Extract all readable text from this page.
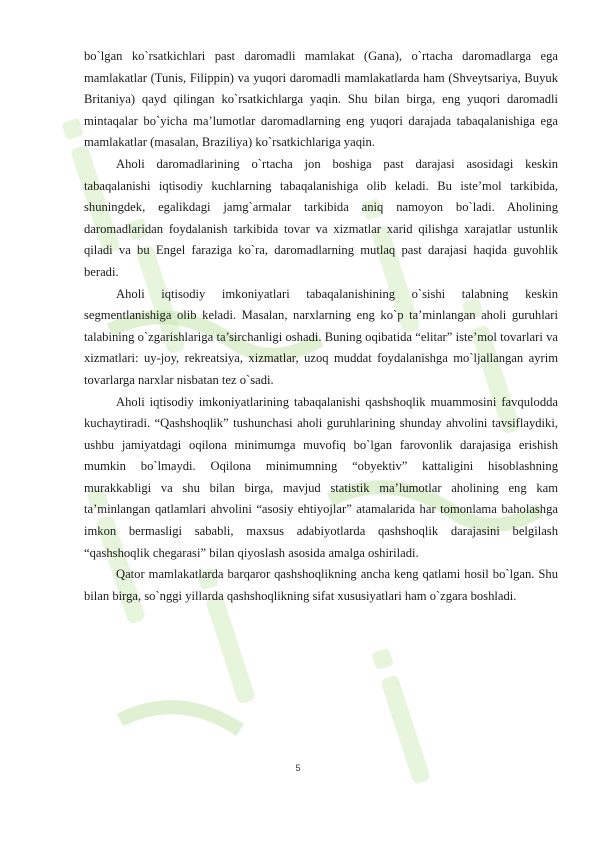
bo`lgan ko`rsatkichlari past daromadli mamlakat (Gana), o`rtacha daromadlarga ega mamlakatlar (Tunis, Filippin) va yuqori daromadli mamlakatlarda ham (Shveytsariya, Buyuk Britaniya) qayd qilingan ko`rsatkichlarga yaqin. Shu bilan birga, eng yuqori daromadli mintaqalar bo`yicha ma’lumotlar daromadlarning eng yuqori darajada tabaqalanishiga ega mamlakatlar (masalan, Braziliya) ko`rsatkichlariga yaqin.

Aholi daromadlarining o`rtacha jon boshiga past darajasi asosidagi keskin tabaqalanishi iqtisodiy kuchlarning tabaqalanishiga olib keladi. Bu iste’mol tarkibida, shuningdek, egalikdagi jamg`armalar tarkibida aniq namoyon bo`ladi. Aholining daromadlaridan foydalanish tarkibida tovar va xizmatlar xarid qilishga xarajatlar ustunlik qiladi va bu Engel faraziga ko`ra, daromadlarning mutlaq past darajasi haqida guvohlik beradi.

Aholi iqtisodiy imkoniyatlari tabaqalanishining o`sishi talabning keskin segmentlanishiga olib keladi. Masalan, narxlarning eng ko`p ta’minlangan aholi guruhlari talabining o`zgarishlariga ta’sirchanligi oshadi. Buning oqibatida “elitar” iste’mol tovarlari va xizmatlari: uy-joy, rekreatsiya, xizmatlar, uzoq muddat foydalanishga mo`ljallangan ayrim tovarlarga narxlar nisbatan tez o`sadi.

Aholi iqtisodiy imkoniyatlarining tabaqalanishi qashshoqlik muammosini favqulodda kuchaytiradi. “Qashshoqlik” tushunchasi aholi guruhlarining shunday ahvolini tavsiflaydiki, ushbu jamiyatdagi oqilona minimumga muvofiq bo`lgan farovonlik darajasiga erishish mumkin bo`lmaydi. Oqilona minimumning “obyektiv” kattaligini hisoblashning murakkabligi va shu bilan birga, mavjud statistik ma’lumotlar aholining eng kam ta’minlangan qatlamlari ahvolini “asosiy ehtiyojlar” atamalarida har tomonlama baholashga imkon bermasligi sababli, maxsus adabiyotlarda qashshoqlik darajasini belgilash “qashshoqlik chegarasi” bilan qiyoslash asosida amalga oshiriladi.

Qator mamlakatlarda barqaror qashshoqlikning ancha keng qatlami hosil bo`lgan. Shu bilan birga, so`nggi yillarda qashshoqlikning sifat xususiyatlari ham o`zgara boshladi.

5
